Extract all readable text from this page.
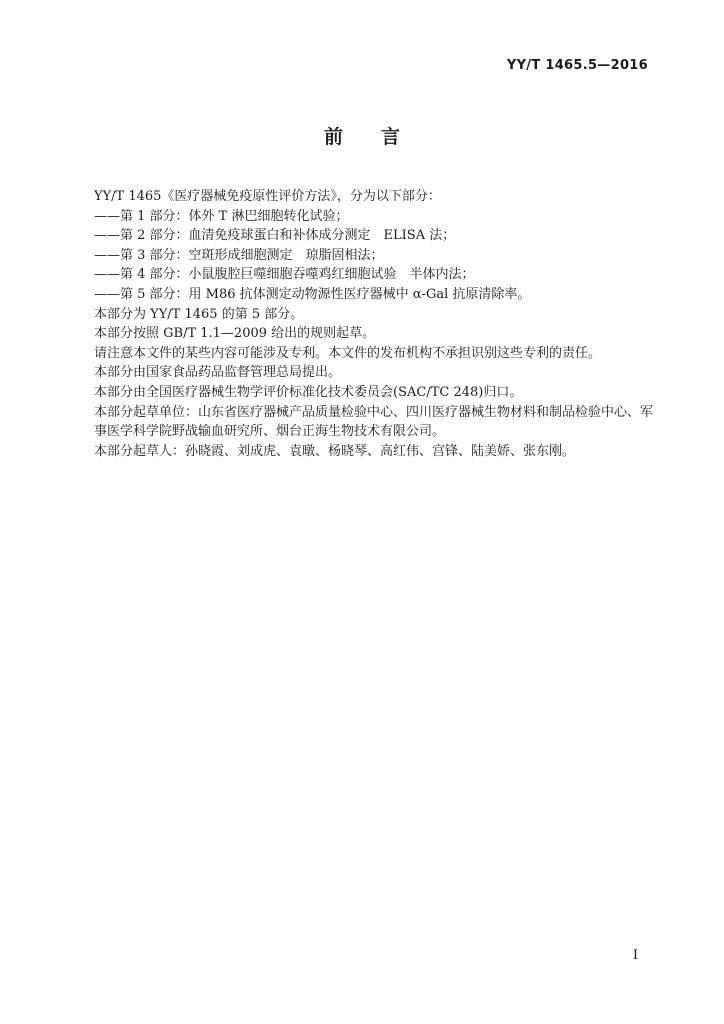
YY/T 1465.5—2016
前言

YY/T 1465《医疗器械免疫原性评价方法》，分为以下部分：

——第 1 部分：体外 T 淋巴细胞转化试验；

——第 2 部分：血清免疫球蛋白和补体成分测定　ELISA 法；

——第 3 部分：空斑形成细胞测定　琼脂固相法；

——第 4 部分：小鼠腹腔巨噬细胞吞噬鸡红细胞试验　半体内法；

——第 5 部分：用 M86 抗体测定动物源性医疗器械中 α-Gal 抗原清除率。

本部分为 YY/T 1465 的第 5 部分。

本部分按照 GB/T 1.1—2009 给出的规则起草。

请注意本文件的某些内容可能涉及专利。本文件的发布机构不承担识别这些专利的责任。

本部分由国家食品药品监督管理总局提出。

本部分由全国医疗器械生物学评价标准化技术委员会(SAC/TC 248)归口。

本部分起草单位：山东省医疗器械产品质量检验中心、四川医疗器械生物材料和制品检验中心、军事医学科学院野战输血研究所、烟台正海生物技术有限公司。

本部分起草人：孙晓霞、刘成虎、袁暾、杨晓琴、高红伟、宫锋、陆美娇、张东刚。

I
